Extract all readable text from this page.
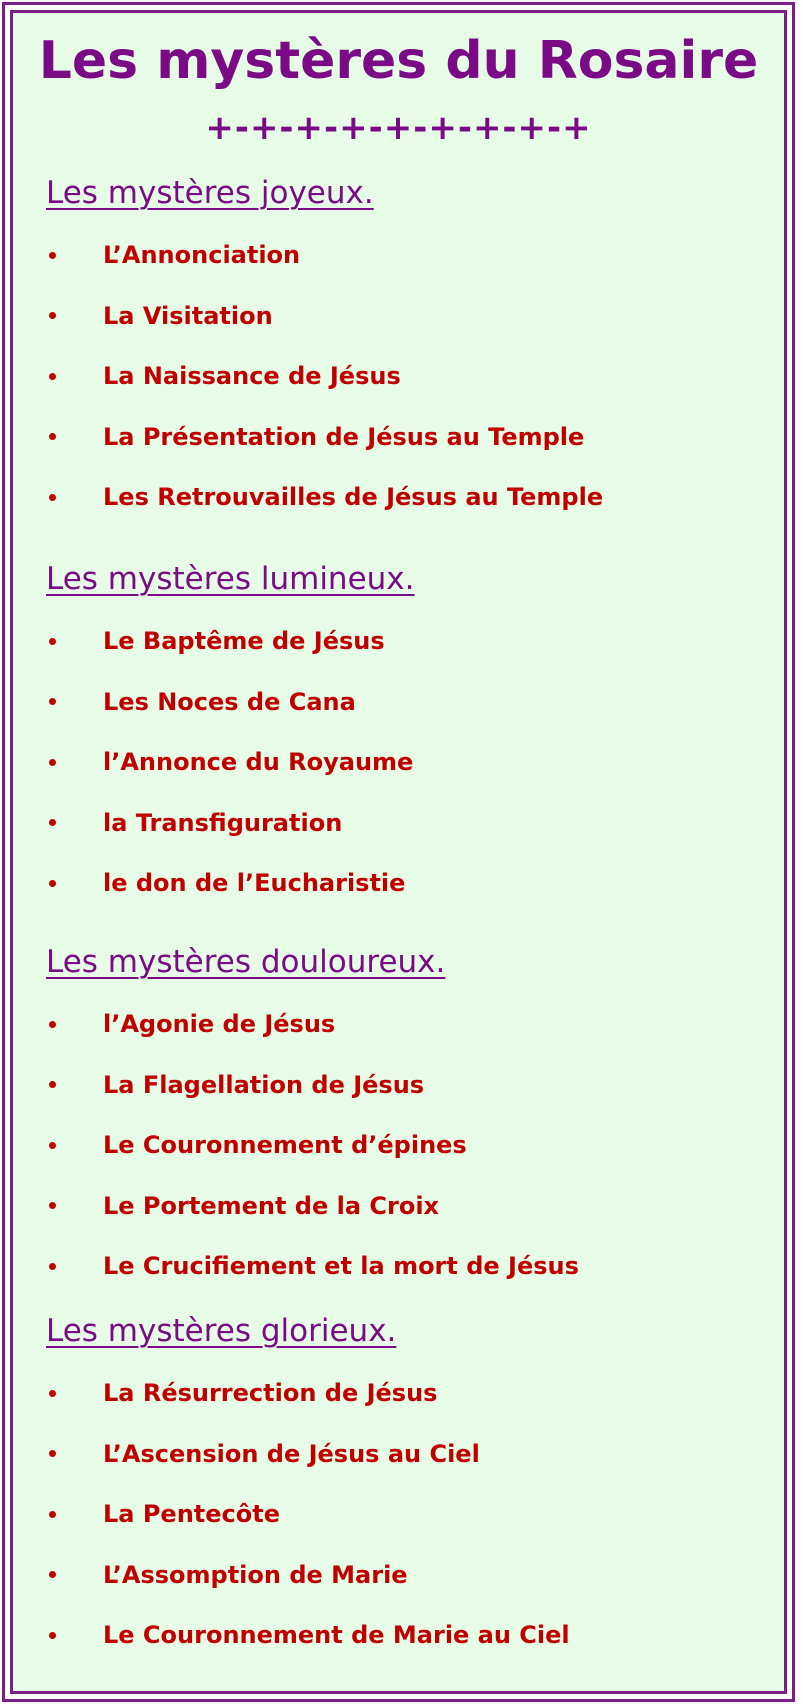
Les mystères du Rosaire
+-+-+-+-+-+-+-+-+
Les mystères joyeux.
L’Annonciation
La Visitation
La Naissance de Jésus
La Présentation de Jésus au Temple
Les Retrouvailles de Jésus au Temple
Les mystères lumineux.
Le Baptême de Jésus
Les Noces de Cana
l’Annonce du Royaume
la Transfiguration
le don de l’Eucharistie
Les mystères douloureux.
l’Agonie de Jésus
La Flagellation de Jésus
Le Couronnement d’épines
Le Portement de la Croix
Le Crucifiement et la mort de Jésus
Les mystères glorieux.
La Résurrection de Jésus
L’Ascension de Jésus au Ciel
La Pentecôte
L’Assomption de Marie
Le Couronnement de Marie au Ciel
